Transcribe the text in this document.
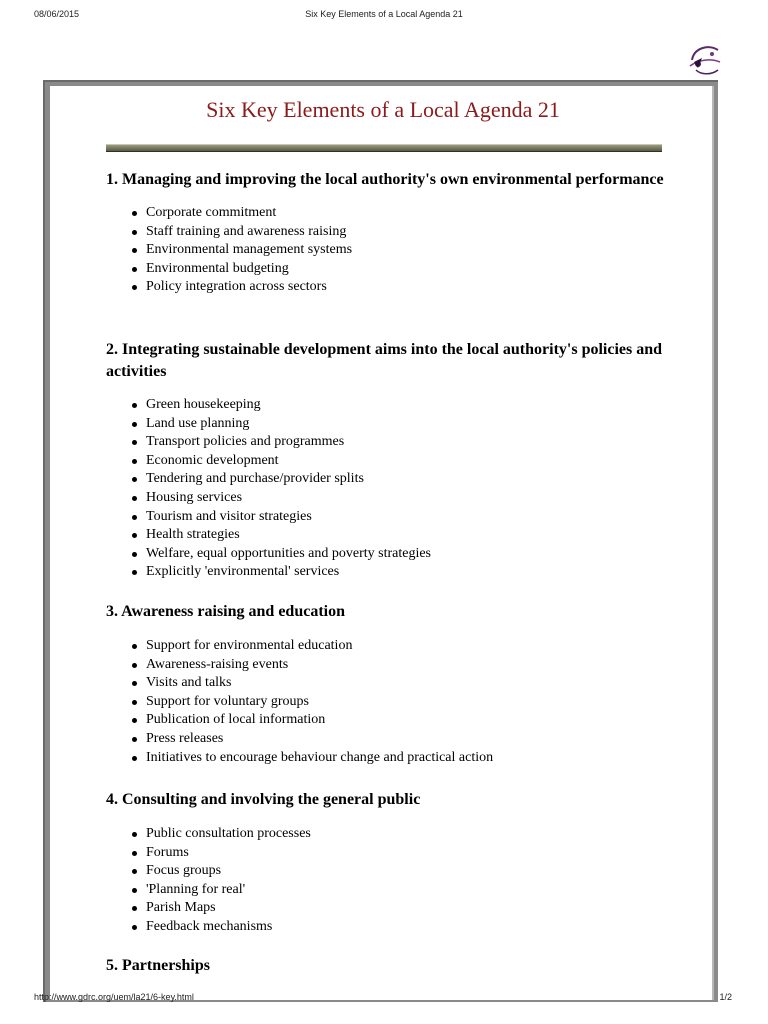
08/06/2015	Six Key Elements of a Local Agenda 21
Six Key Elements of a Local Agenda 21
1. Managing and improving the local authority's own environmental performance
Corporate commitment
Staff training and awareness raising
Environmental management systems
Environmental budgeting
Policy integration across sectors
2. Integrating sustainable development aims into the local authority's policies and activities
Green housekeeping
Land use planning
Transport policies and programmes
Economic development
Tendering and purchase/provider splits
Housing services
Tourism and visitor strategies
Health strategies
Welfare, equal opportunities and poverty strategies
Explicitly 'environmental' services
3. Awareness raising and education
Support for environmental education
Awareness-raising events
Visits and talks
Support for voluntary groups
Publication of local information
Press releases
Initiatives to encourage behaviour change and practical action
4. Consulting and involving the general public
Public consultation processes
Forums
Focus groups
'Planning for real'
Parish Maps
Feedback mechanisms
5. Partnerships
http://www.gdrc.org/uem/la21/6-key.html	1/2
